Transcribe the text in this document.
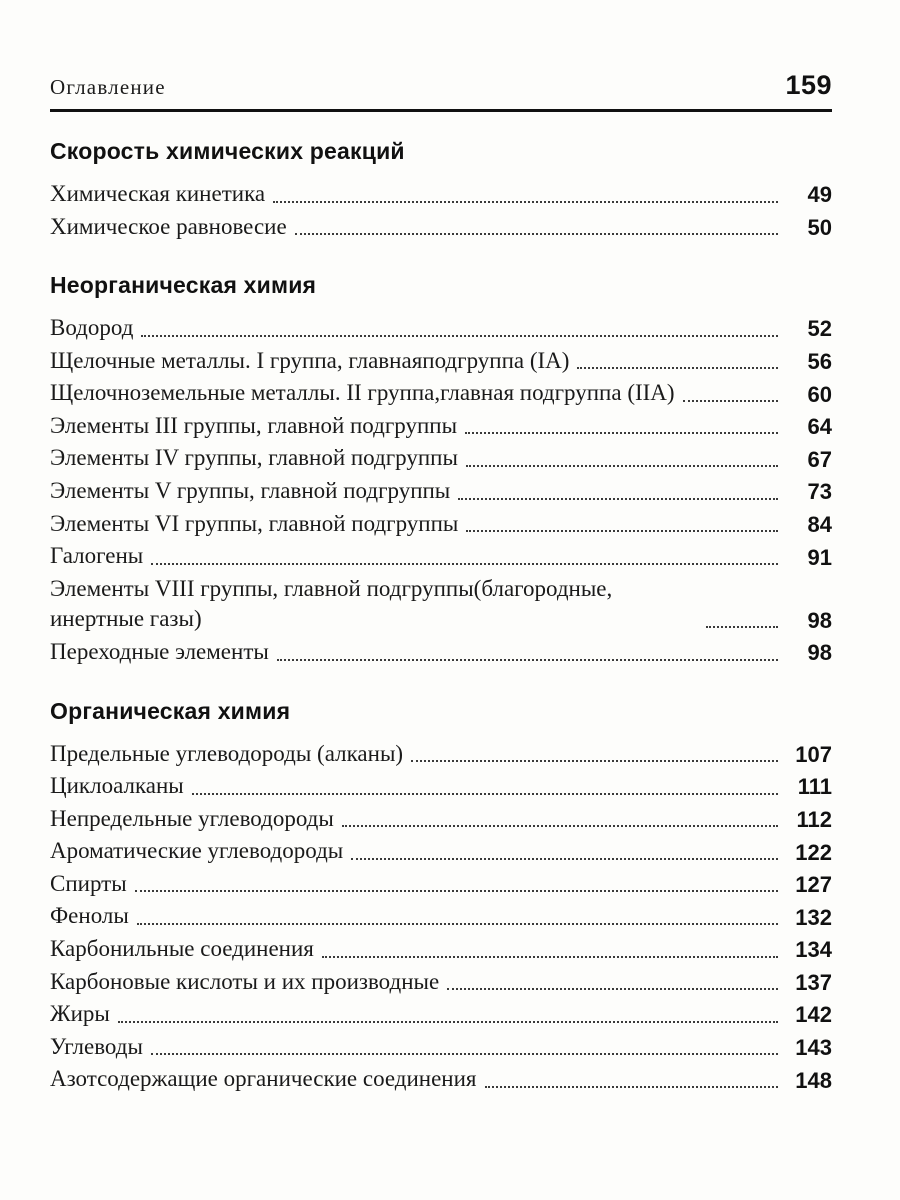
Оглавление	159
Скорость химических реакций
Химическая кинетика	49
Химическое равновесие	50
Неорганическая химия
Водород	52
Щелочные металлы. I группа, главнаяподгруппа (IA)	56
Щелочноземельные металлы. II группа,главная подгруппа (IIA)	60
Элементы III группы, главной подгруппы	64
Элементы IV группы, главной подгруппы	67
Элементы V группы, главной подгруппы	73
Элементы VI группы, главной подгруппы	84
Галогены	91
Элементы VIII группы, главной подгруппы(благородные, инертные газы)	98
Переходные элементы	98
Органическая химия
Предельные углеводороды (алканы)	107
Циклоалканы	111
Непредельные углеводороды	112
Ароматические углеводороды	122
Спирты	127
Фенолы	132
Карбонильные соединения	134
Карбоновые кислоты и их производные	137
Жиры	142
Углеводы	143
Азотсодержащие органические соединения	148
